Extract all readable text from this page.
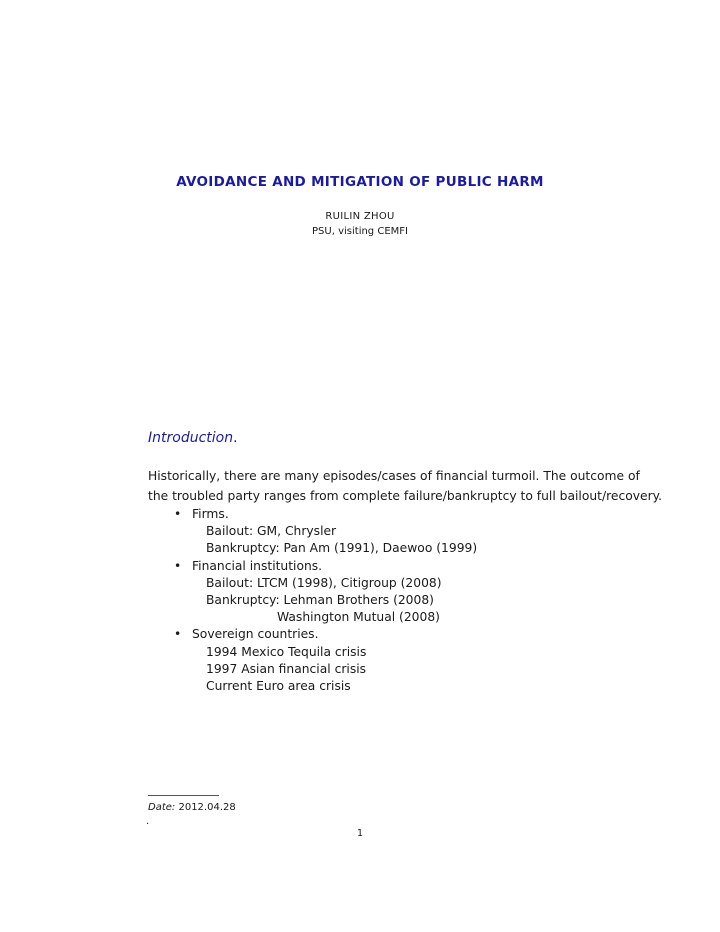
AVOIDANCE AND MITIGATION OF PUBLIC HARM
RUILIN ZHOU
PSU, visiting CEMFI
Introduction.
Historically, there are many episodes/cases of financial turmoil. The outcome of
the troubled party ranges from complete failure/bankruptcy to full bailout/recovery.
• Firms.
Bailout: GM, Chrysler
Bankruptcy: Pan Am (1991), Daewoo (1999)
• Financial institutions.
Bailout: LTCM (1998), Citigroup (2008)
Bankruptcy: Lehman Brothers (2008)
Washington Mutual (2008)
• Sovereign countries.
1994 Mexico Tequila crisis
1997 Asian financial crisis
Current Euro area crisis
Date: 2012.04.28
.
1
